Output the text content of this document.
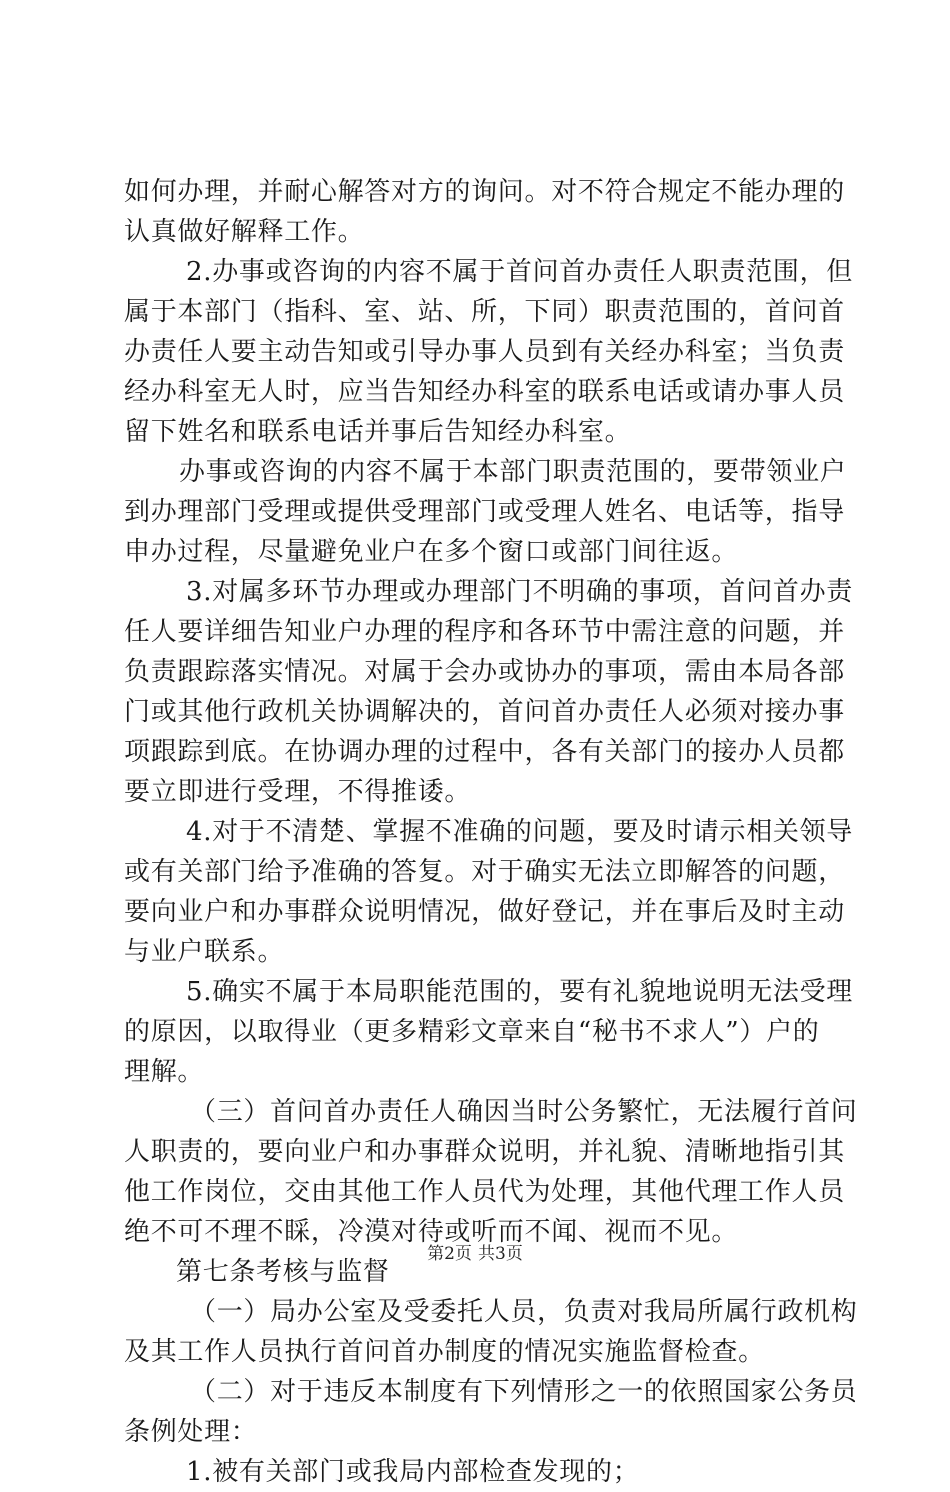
如何办理，并耐心解答对方的询问。对不符合规定不能办理的
认真做好解释工作。
2.办事或咨询的内容不属于首问首办责任人职责范围，但
属于本部门（指科、室、站、所，下同）职责范围的，首问首
办责任人要主动告知或引导办事人员到有关经办科室；当负责
经办科室无人时，应当告知经办科室的联系电话或请办事人员
留下姓名和联系电话并事后告知经办科室。
办事或咨询的内容不属于本部门职责范围的，要带领业户
到办理部门受理或提供受理部门或受理人姓名、电话等，指导
申办过程，尽量避免业户在多个窗口或部门间往返。
3.对属多环节办理或办理部门不明确的事项，首问首办责
任人要详细告知业户办理的程序和各环节中需注意的问题，并
负责跟踪落实情况。对属于会办或协办的事项，需由本局各部
门或其他行政机关协调解决的，首问首办责任人必须对接办事
项跟踪到底。在协调办理的过程中，各有关部门的接办人员都
要立即进行受理，不得推诿。
4.对于不清楚、掌握不准确的问题，要及时请示相关领导
或有关部门给予准确的答复。对于确实无法立即解答的问题，
要向业户和办事群众说明情况，做好登记，并在事后及时主动
与业户联系。
5.确实不属于本局职能范围的，要有礼貌地说明无法受理
的原因，以取得业（更多精彩文章来自“秘书不求人”）户的
理解。
（三）首问首办责任人确因当时公务繁忙，无法履行首问
人职责的，要向业户和办事群众说明，并礼貌、清晰地指引其
他工作岗位，交由其他工作人员代为处理，其他代理工作人员
绝不可不理不睬，冷漠对待或听而不闻、视而不见。
第七条考核与监督
（一）局办公室及受委托人员，负责对我局所属行政机构
及其工作人员执行首问首办制度的情况实施监督检查。
（二）对于违反本制度有下列情形之一的依照国家公务员
条例处理：
1.被有关部门或我局内部检查发现的；
第2页 共3页
